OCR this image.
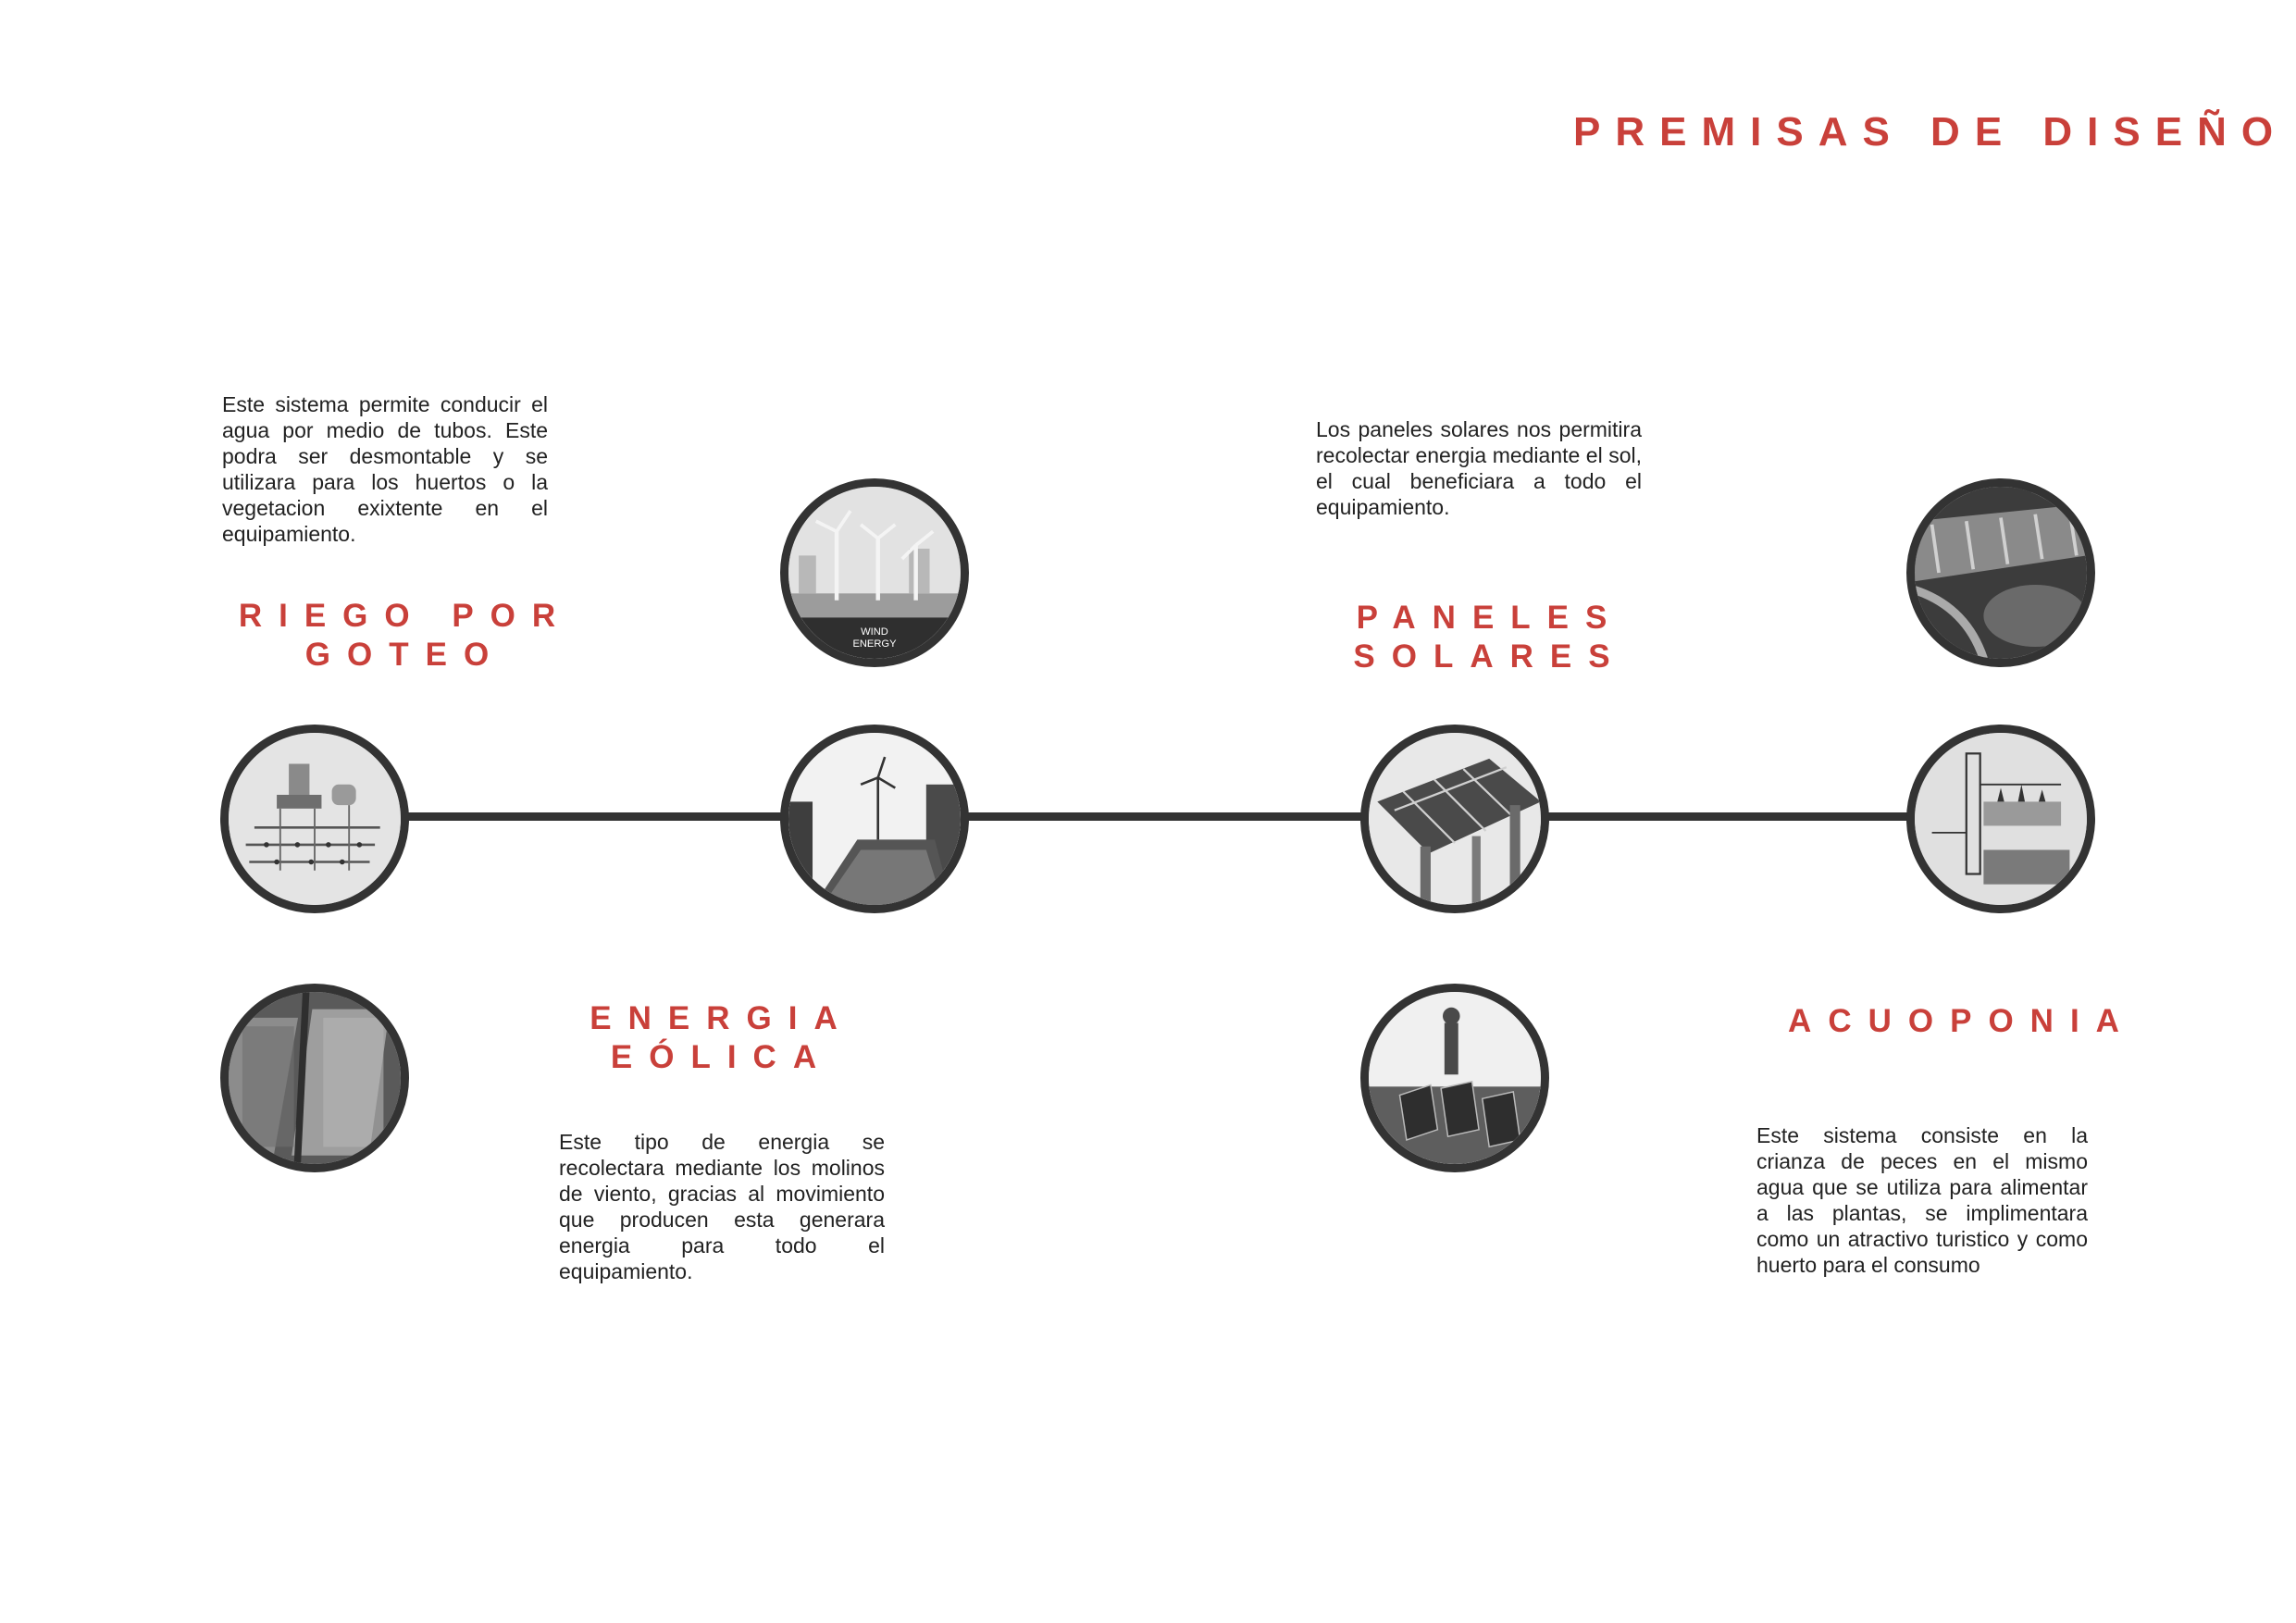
PREMISAS DE DISEÑO
Este sistema permite conducir el agua por medio de tubos. Este podra ser desmontable y se utilizara para los huertos o la vegetacion exixtente en el equipamiento.
RIEGO POR
GOTEO
WIND
ENERGY
ENERGIA
EÓLICA
Este tipo de energia se recolectara mediante los molinos de viento, gracias al movimiento que producen esta generara energia para todo el equipamiento.
Los paneles solares nos permitira recolectar energia mediante el sol, el cual beneficiara a todo el equipamiento.
PANELES
SOLARES
ACUOPONIA
Este sistema consiste en la crianza de peces en el mismo agua que se utiliza para alimentar a las plantas, se implimentara como un atractivo turistico y como huerto para el consumo
